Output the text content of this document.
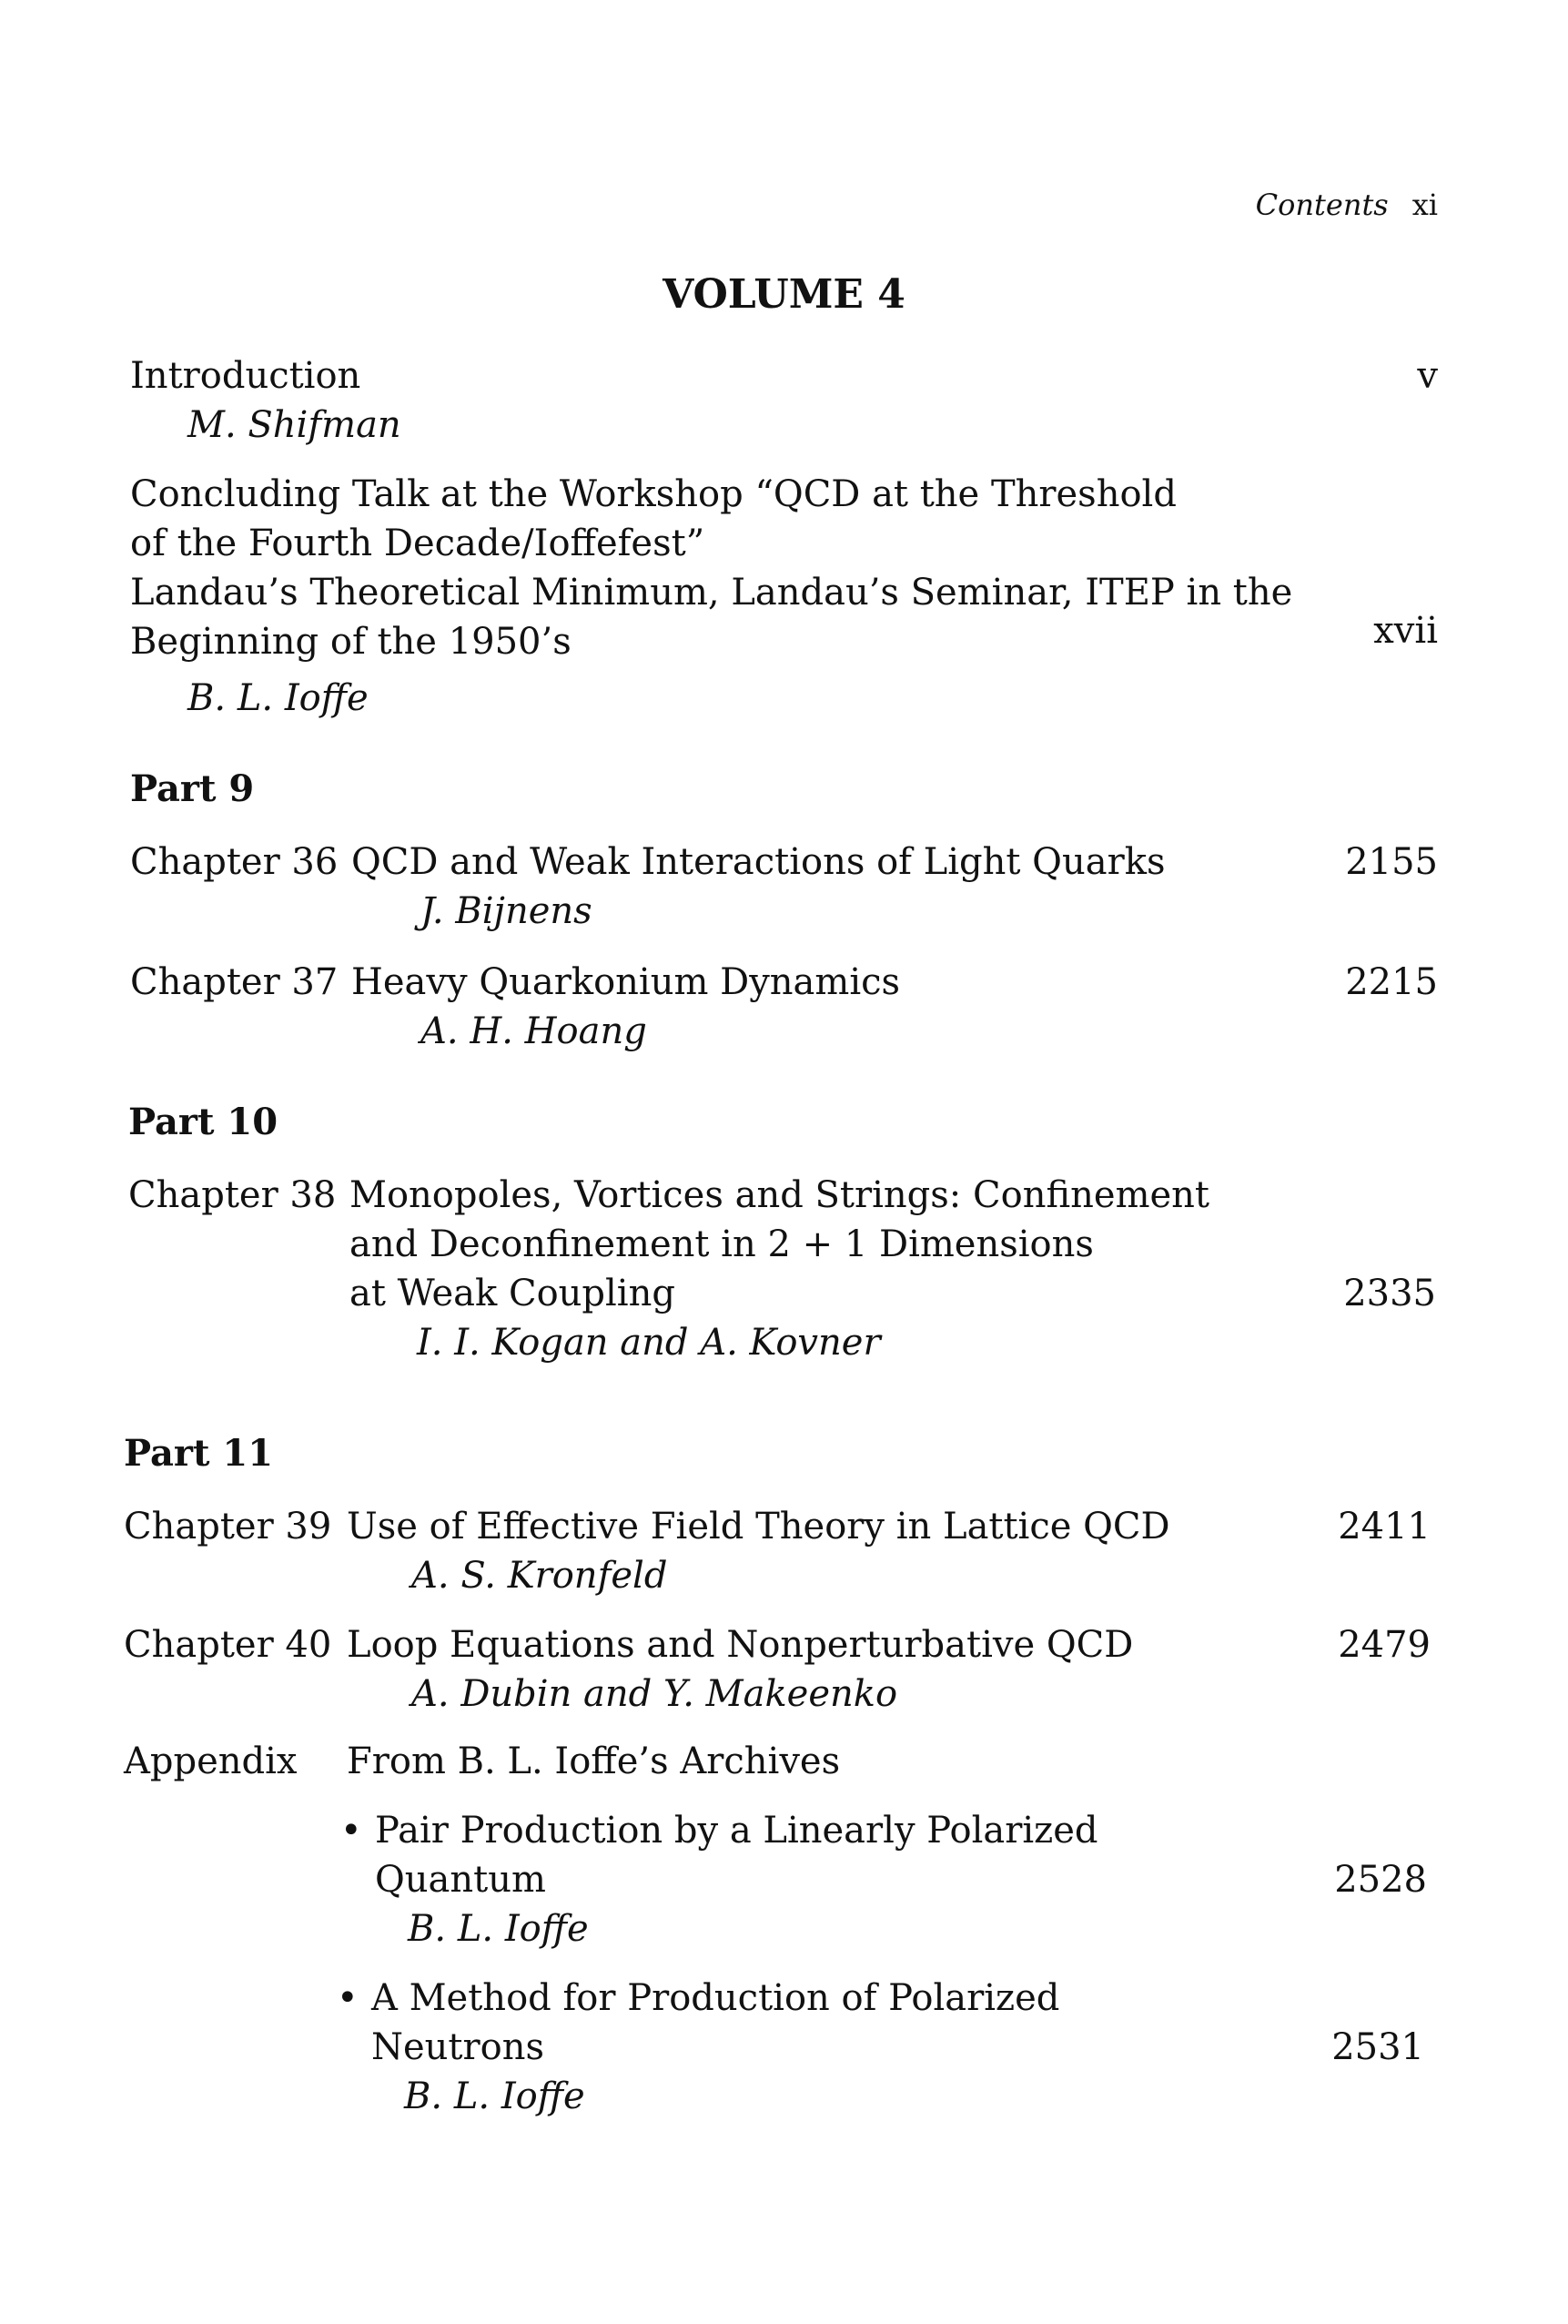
Contents xi
VOLUME 4
Introduction	v
M. Shifman
Concluding Talk at the Workshop “QCD at the Threshold
of the Fourth Decade/Ioffefest”
Landau’s Theoretical Minimum, Landau’s Seminar, ITEP in the
Beginning of the 1950’s	xvii
B. L. Ioffe
Part 9
Chapter 36 QCD and Weak Interactions of Light Quarks	2155
J. Bijnens
Chapter 37 Heavy Quarkonium Dynamics	2215
A. H. Hoang
Part 10
Chapter 38 Monopoles, Vortices and Strings: Confinement
and Deconfinement in 2 + 1 Dimensions
at Weak Coupling	2335
I. I. Kogan and A. Kovner
Part 11
Chapter 39 Use of Effective Field Theory in Lattice QCD	2411
A. S. Kronfeld
Chapter 40 Loop Equations and Nonperturbative QCD	2479
A. Dubin and Y. Makeenko
Appendix From B. L. Ioffe’s Archives
• Pair Production by a Linearly Polarized
Quantum	2528
B. L. Ioffe
• A Method for Production of Polarized
Neutrons	2531
B. L. Ioffe
